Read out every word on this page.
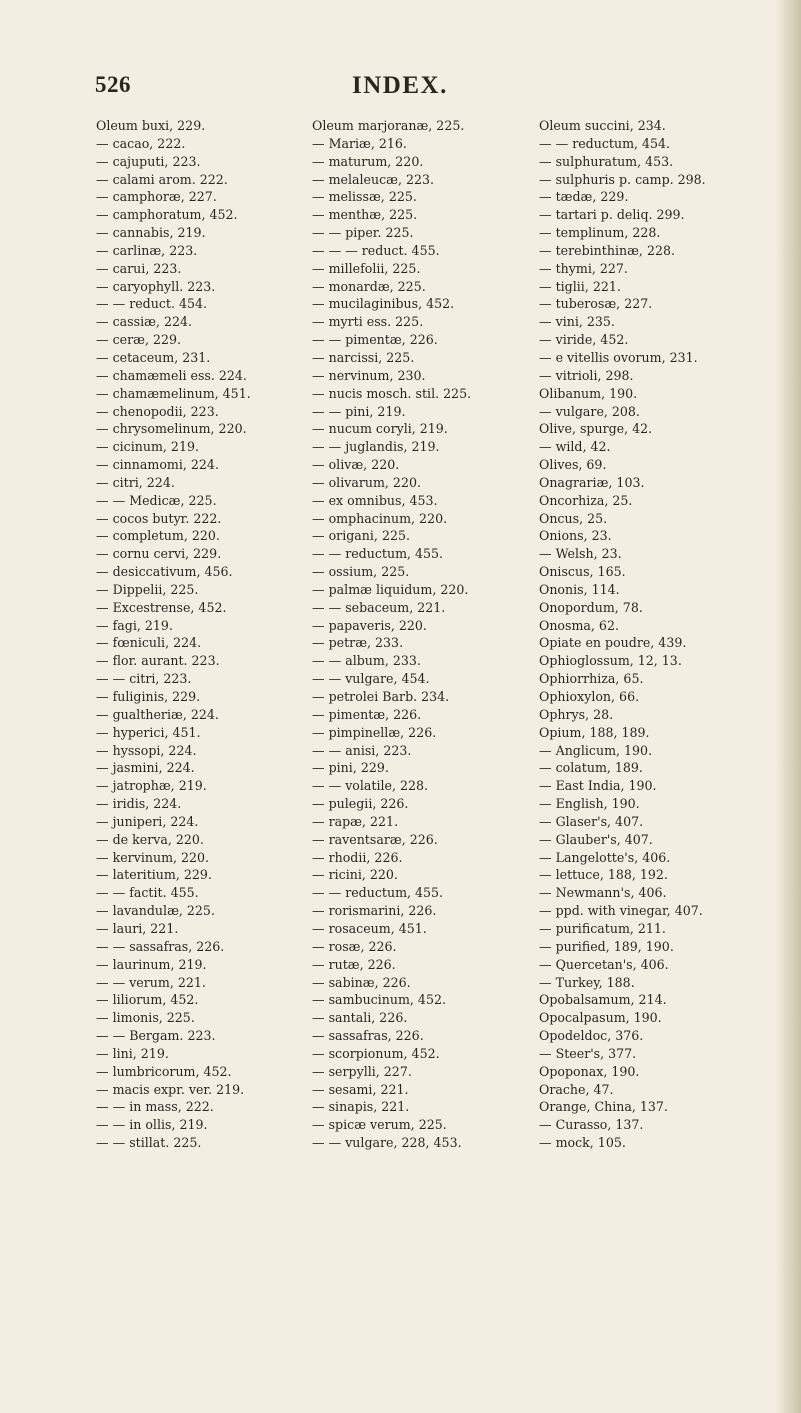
526	INDEX.
Oleum buxi, 229.
— cacao, 222.
— cajuputi, 223.
— calami arom. 222.
— camphoræ, 227.
— camphoratum, 452.
— cannabis, 219.
— carlinæ, 223.
— carui, 223.
— caryophyll. 223.
— — reduct. 454.
— cassiæ, 224.
— ceræ, 229.
— cetaceum, 231.
— chamæmeli ess. 224.
— chamæmelinum, 451.
— chenopodii, 223.
— chrysomelinum, 220.
— cicinum, 219.
— cinnamomi, 224.
— citri, 224.
— — Medicæ, 225.
— cocos butyr. 222.
— completum, 220.
— cornu cervi, 229.
— desiccativum, 456.
— Dippelii, 225.
— Excestrense, 452.
— fagi, 219.
— fœniculi, 224.
— flor. aurant. 223.
— — citri, 223.
— fuliginis, 229.
— gualtheriæ, 224.
— hyperici, 451.
— hyssopi, 224.
— jasmini, 224.
— jatrophæ, 219.
— iridis, 224.
— juniperi, 224.
— de kerva, 220.
— kervinum, 220.
— lateritium, 229.
— — factit. 455.
— lavandulæ, 225.
— lauri, 221.
— — sassafras, 226.
— laurinum, 219.
— — verum, 221.
— liliorum, 452.
— limonis, 225.
— — Bergam. 223.
— lini, 219.
— lumbricorum, 452.
— macis expr. ver. 219.
— — in mass, 222.
— — in ollis, 219.
— — stillat. 225.
Oleum marjoranæ, 225.
— Mariæ, 216.
— maturum, 220.
— melaleucæ, 223.
— melissæ, 225.
— menthæ, 225.
— — piper. 225.
— — — reduct. 455.
— millefolii, 225.
— monardæ, 225.
— mucilaginibus, 452.
— myrti ess. 225.
— — pimentæ, 226.
— narcissi, 225.
— nervinum, 230.
— nucis mosch. stil. 225.
— — pini, 219.
— nucum coryli, 219.
— — juglandis, 219.
— olivæ, 220.
— olivarum, 220.
— ex omnibus, 453.
— omphacinum, 220.
— origani, 225.
— — reductum, 455.
— ossium, 225.
— palmæ liquidum, 220.
— — sebaceum, 221.
— papaveris, 220.
— petræ, 233.
— — album, 233.
— — vulgare, 454.
— petrolei Barb. 234.
— pimentæ, 226.
— pimpinellæ, 226.
— — anisi, 223.
— pini, 229.
— — volatile, 228.
— pulegii, 226.
— rapæ, 221.
— raventsaræ, 226.
— rhodii, 226.
— ricini, 220.
— — reductum, 455.
— rorismarini, 226.
— rosaceum, 451.
— rosæ, 226.
— rutæ, 226.
— sabinæ, 226.
— sambucinum, 452.
— santali, 226.
— sassafras, 226.
— scorpionum, 452.
— serpylli, 227.
— sesami, 221.
— sinapis, 221.
— spicæ verum, 225.
— — vulgare, 228, 453.
Oleum succini, 234.
— — reductum, 454.
— sulphuratum, 453.
— sulphuris p. camp. 298.
— tædæ, 229.
— tartari p. deliq. 299.
— templinum, 228.
— terebinthinæ, 228.
— thymi, 227.
— tiglii, 221.
— tuberosæ, 227.
— vini, 235.
— viride, 452.
— e vitellis ovorum, 231.
— vitrioli, 298.
Olibanum, 190.
— vulgare, 208.
Olive, spurge, 42.
— wild, 42.
Olives, 69.
Onagrariæ, 103.
Oncorhiza, 25.
Oncus, 25.
Onions, 23.
— Welsh, 23.
Oniscus, 165.
Ononis, 114.
Onopordum, 78.
Onosma, 62.
Opiate en poudre, 439.
Ophioglossum, 12, 13.
Ophiorrhiza, 65.
Ophioxylon, 66.
Ophrys, 28.
Opium, 188, 189.
— Anglicum, 190.
— colatum, 189.
— East India, 190.
— English, 190.
— Glaser's, 407.
— Glauber's, 407.
— Langelotte's, 406.
— lettuce, 188, 192.
— Newmann's, 406.
— ppd. with vinegar, 407.
— purificatum, 211.
— purified, 189, 190.
— Quercetan's, 406.
— Turkey, 188.
Opobalsamum, 214.
Opocalpasum, 190.
Opodeldoc, 376.
— Steer's, 377.
Opoponax, 190.
Orache, 47.
Orange, China, 137.
— Curasso, 137.
— mock, 105.
